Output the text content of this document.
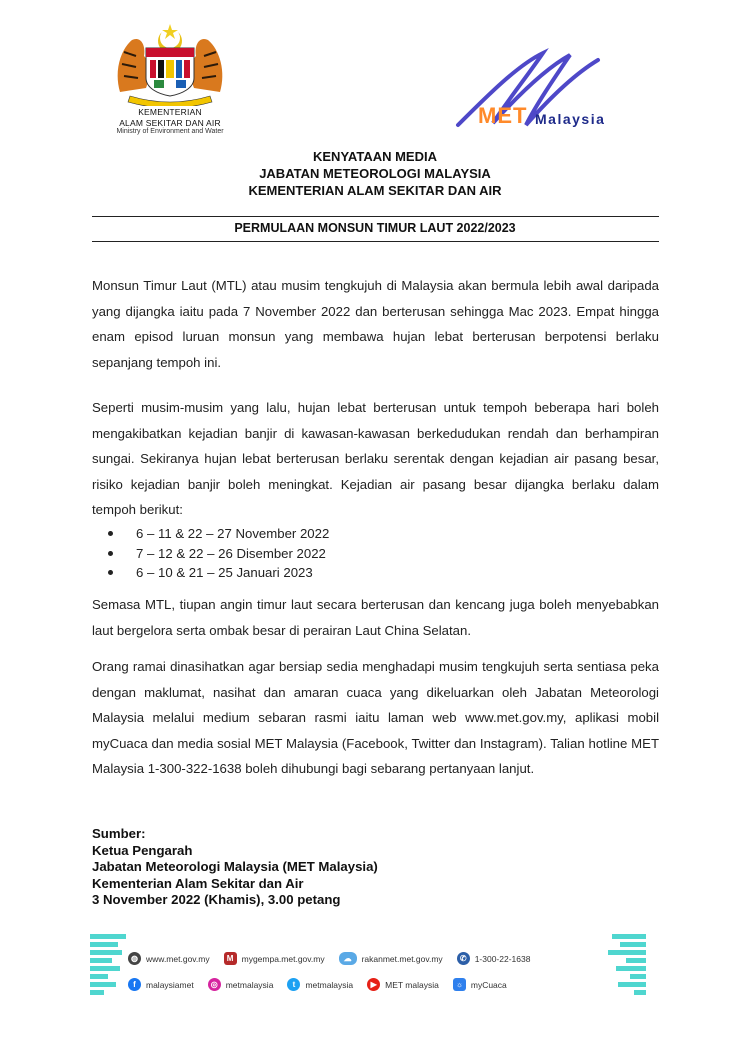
KEMENTERIAN
ALAM SEKITAR DAN AIR
Ministry of Environment and Water
MET Malaysia
KENYATAAN MEDIA
JABATAN METEOROLOGI MALAYSIA
KEMENTERIAN ALAM SEKITAR DAN AIR
PERMULAAN MONSUN TIMUR LAUT 2022/2023
Monsun Timur Laut (MTL) atau musim tengkujuh di Malaysia akan bermula lebih awal daripada yang dijangka iaitu pada 7 November 2022 dan berterusan sehingga Mac 2023. Empat hingga enam episod luruan monsun yang membawa hujan lebat berterusan berpotensi berlaku sepanjang tempoh ini.
Seperti musim-musim yang lalu, hujan lebat berterusan untuk tempoh beberapa hari boleh mengakibatkan kejadian banjir di kawasan-kawasan berkedudukan rendah dan berhampiran sungai. Sekiranya hujan lebat berterusan berlaku serentak dengan kejadian air pasang besar, risiko kejadian banjir boleh meningkat. Kejadian air pasang besar dijangka berlaku dalam tempoh berikut:
6 – 11 & 22 – 27 November 2022
7 – 12 & 22 – 26 Disember 2022
6 – 10 & 21 – 25 Januari 2023
Semasa MTL, tiupan angin timur laut secara berterusan dan kencang juga boleh menyebabkan laut bergelora serta ombak besar di perairan Laut China Selatan.
Orang ramai dinasihatkan agar bersiap sedia menghadapi musim tengkujuh serta sentiasa peka dengan maklumat, nasihat dan amaran cuaca yang dikeluarkan oleh Jabatan Meteorologi Malaysia melalui medium sebaran rasmi iaitu laman web www.met.gov.my, aplikasi mobil myCuaca dan media sosial MET Malaysia (Facebook, Twitter dan Instagram). Talian hotline MET Malaysia 1-300-322-1638 boleh dihubungi bagi sebarang pertanyaan lanjut.
Sumber:
Ketua Pengarah
Jabatan Meteorologi Malaysia (MET Malaysia)
Kementerian Alam Sekitar dan Air
3 November 2022 (Khamis), 3.00 petang
◍ www.met.gov.my	M mygempa.met.gov.my	☁	rakanmet.met.gov.my	✆ 1-300-22-1638
f	malaysiamet	◎ metmalaysia	t	metmalaysia	▶ MET malaysia	☼ myCuaca
